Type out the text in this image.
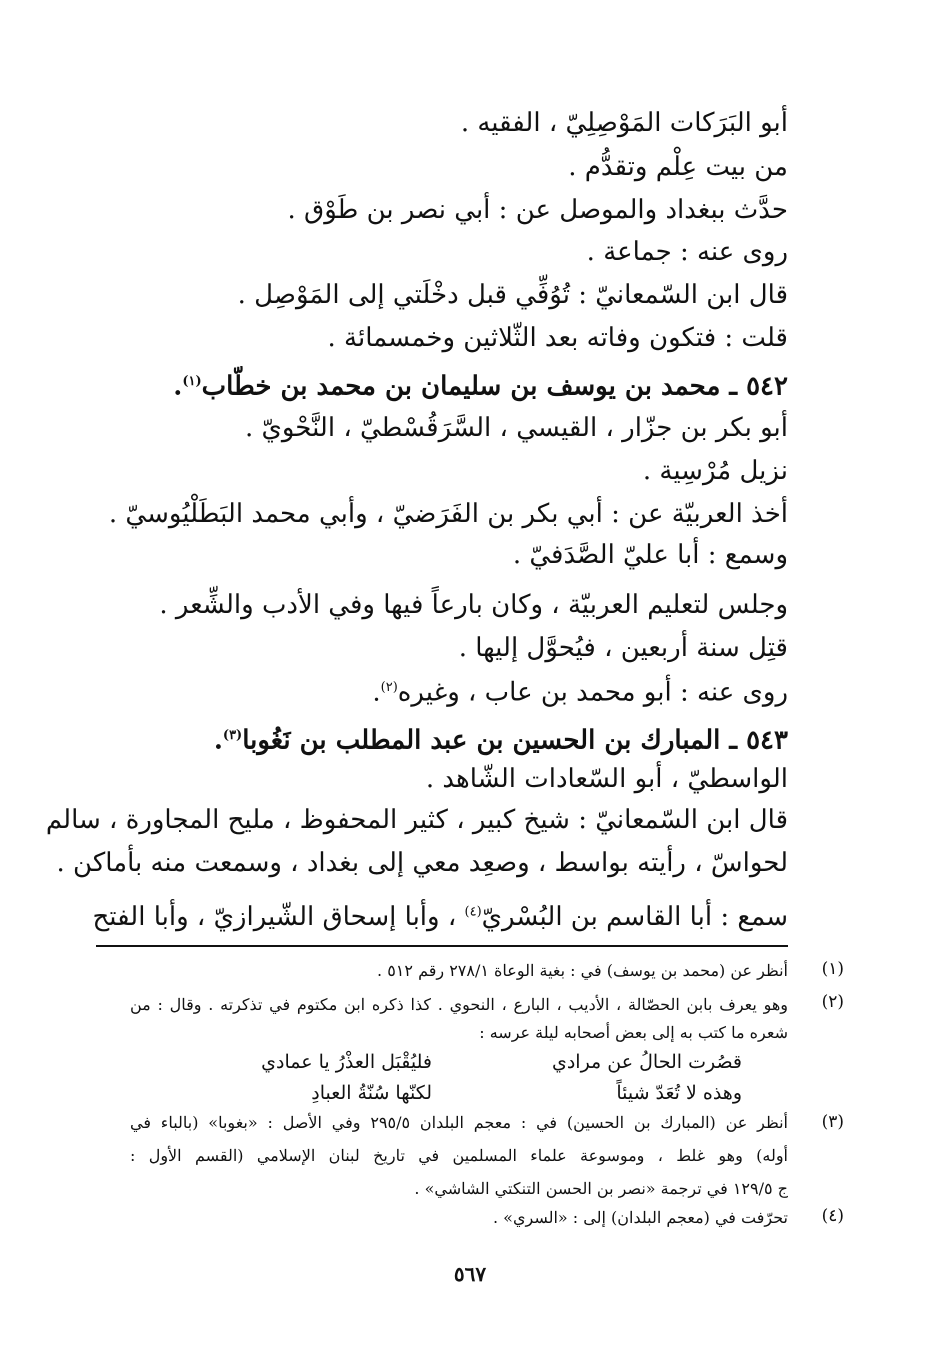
أبو البَرَكات المَوْصِلِيّ ، الفقيه .
من بيت عِلْم وتقدُّم .
حدَّث ببغداد والموصل عن : أبي نصر بن طَوْق .
روى عنه : جماعة .
قال ابن السّمعانيّ : تُوُفِّي قبل دخْلَتي إلى المَوْصِل .
قلت : فتكون وفاته بعد الثّلاثين وخمسمائة .
٥٤٢ ـ محمد بن يوسف بن سليمان بن محمد بن خطّاب$^{(١)}$.
أبو بكر بن جزّار ، القيسي ، السَّرَقُسْطيّ ، النَّحْويّ .
نزيل مُرْسِية .
أخذ العربيّة عن : أبي بكر بن الفَرَضيّ ، وأبي محمد البَطَلْيُوسيّ .
وسمع : أبا عليّ الصَّدَفيّ .
وجلس لتعليم العربيّة ، وكان بارعاً فيها وفي الأدب والشِّعر .
قتِل سنة أربعين ، فيُحوَّل إليها .
روى عنه : أبو محمد بن عاب ، وغيره$^{(٢)}$.
٥٤٣ ـ المبارك بن الحسين بن عبد المطلب بن نَغُوبا$^{(٣)}$.
الواسطيّ ، أبو السّعادات الشّاهد .
قال ابن السّمعانيّ : شيخ كبير ، كثير المحفوظ ، مليح المجاورة ، سالم
لحواسّ ، رأيته بواسط ، وصعِد معي إلى بغداد ، وسمعت منه بأماكن .
سمع : أبا القاسم بن البُسْريّ$^{(٤)}$ ، وأبا إسحاق الشّيرازيّ ، وأبا الفتح
(١)
أنظر عن (محمد بن يوسف) في : بغية الوعاة ٢٧٨/١ رقم ٥١٢ .
(٢)
وهو يعرف بابن الحصّالة ، الأديب ، البارع ، النحوي . كذا ذكره ابن مكتوم في تذكرته . وقال : من
شعره ما كتب به إلى بعض أصحابه ليلة عرسه :
قصُرت الحالُ عن مرادي
فليُقْبَل العذْرُ يا عمادي
وهذه لا تُعَدّ شيئاً
لكنّها سُنّةُ العبادِ
(٣)
أنظر عن (المبارك بن الحسين) في : معجم البلدان ٢٩٥/٥ وفي الأصل : «بغوبا» (بالباء في
أوله) وهو غلط ، وموسوعة علماء المسلمين في تاريخ لبنان الإسلامي (القسم الأول :
ج ١٢٩/٥ في ترجمة «نصر بن الحسن التنكتي الشاشي» .
(٤)
تحرّفت في (معجم البلدان) إلى : «السري» .
٥٦٧
